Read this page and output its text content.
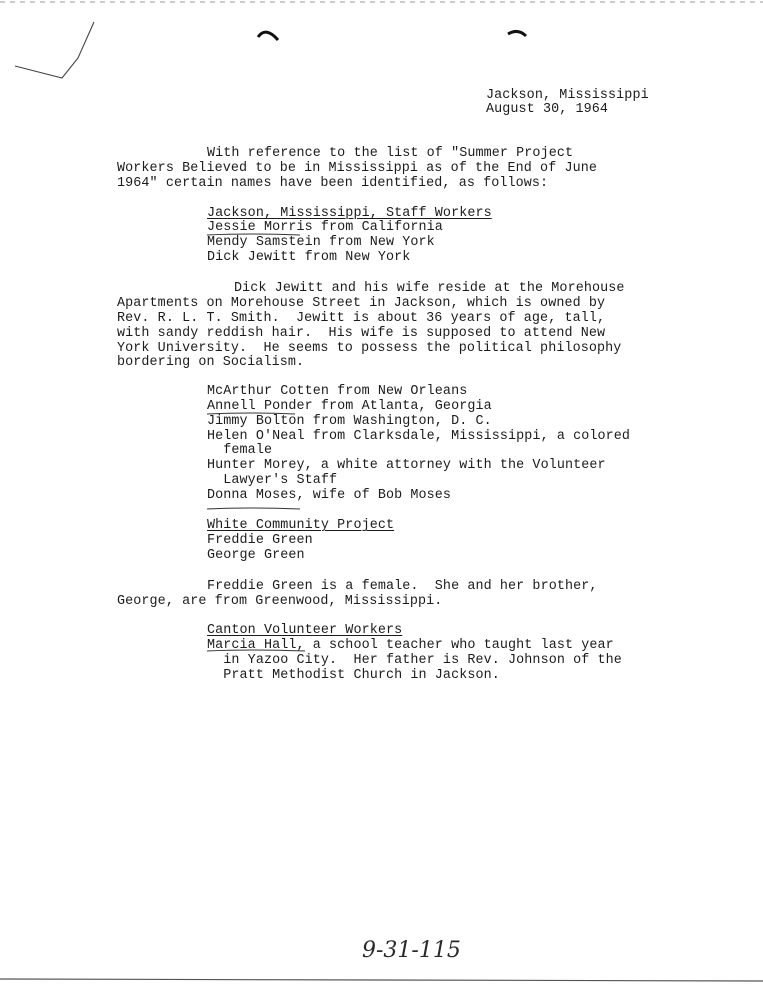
Jackson, Mississippi
August 30, 1964
With reference to the list of "Summer Project
Workers Believed to be in Mississippi as of the End of June
1964" certain names have been identified, as follows:
Jackson, Mississippi, Staff Workers
Jessie Morris from California
Mendy Samstein from New York
Dick Jewitt from New York
Dick Jewitt and his wife reside at the Morehouse
Apartments on Morehouse Street in Jackson, which is owned by
Rev. R. L. T. Smith.  Jewitt is about 36 years of age, tall,
with sandy reddish hair.  His wife is supposed to attend New
York University.  He seems to possess the political philosophy
bordering on Socialism.
McArthur Cotten from New Orleans
Annell Ponder from Atlanta, Georgia
Jimmy Bolton from Washington, D. C.
Helen O'Neal from Clarksdale, Mississippi, a colored
female
Hunter Morey, a white attorney with the Volunteer
Lawyer's Staff
Donna Moses, wife of Bob Moses
White Community Project
Freddie Green
George Green
Freddie Green is a female.  She and her brother,
George, are from Greenwood, Mississippi.
Canton Volunteer Workers
Marcia Hall, a school teacher who taught last year
in Yazoo City.  Her father is Rev. Johnson of the
Pratt Methodist Church in Jackson.
9-31-115
